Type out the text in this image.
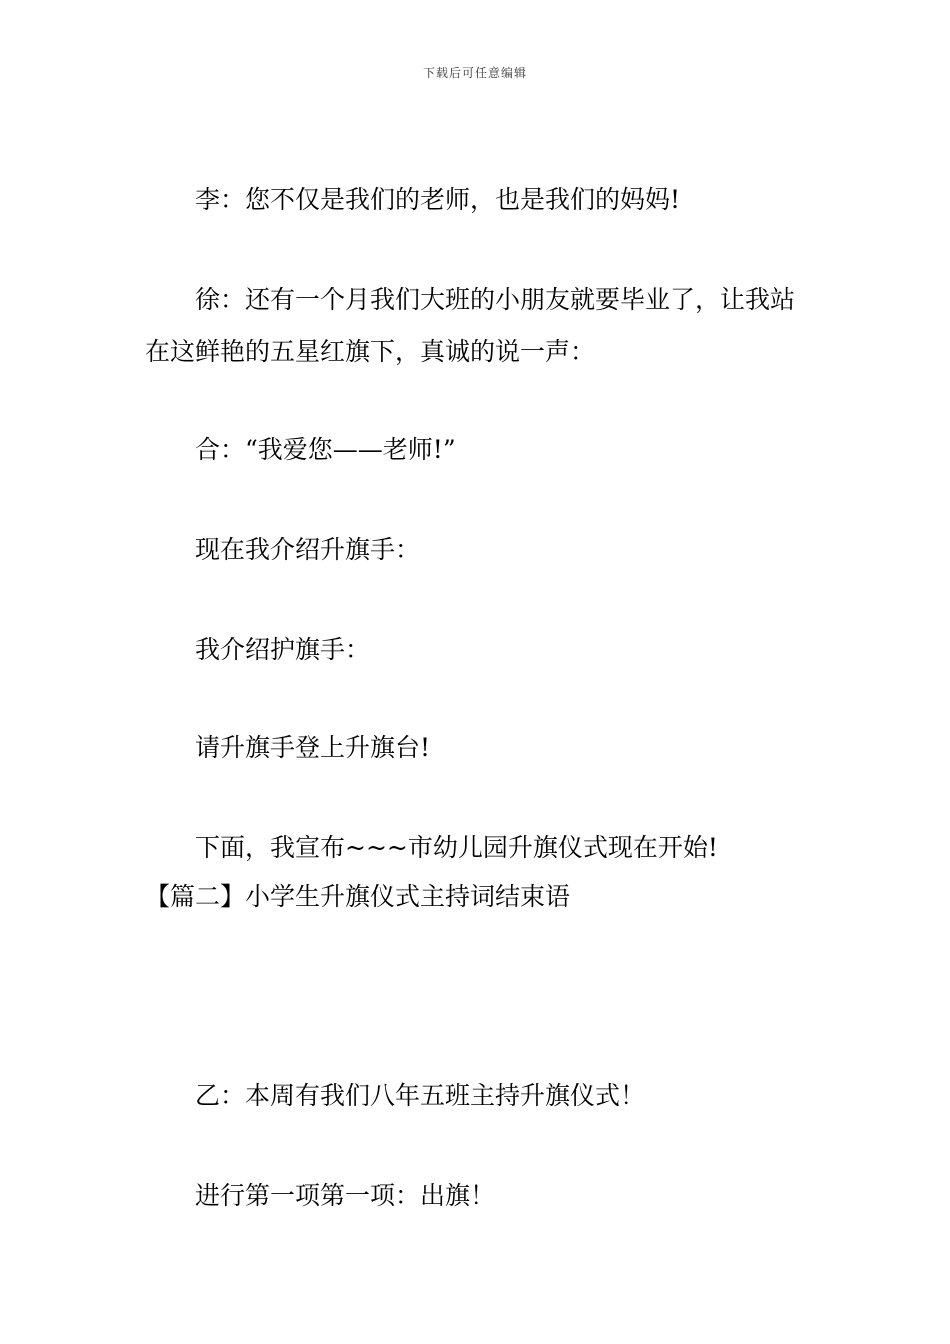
下载后可任意编辑
李：您不仅是我们的老师，也是我们的妈妈!
徐：还有一个月我们大班的小朋友就要毕业了，让我站在这鲜艳的五星红旗下，真诚的说一声：
合：“我爱您——老师!”
现在我介绍升旗手：
我介绍护旗手：
请升旗手登上升旗台!
下面，我宣布~~~市幼儿园升旗仪式现在开始!
【篇二】小学生升旗仪式主持词结束语
乙：本周有我们八年五班主持升旗仪式！
进行第一项第一项：出旗！
